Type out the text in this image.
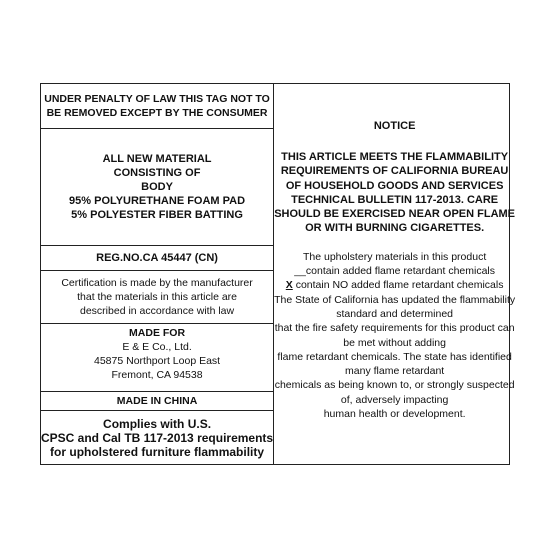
UNDER PENALTY OF LAW THIS TAG NOT TO
BE REMOVED EXCEPT BY THE CONSUMER
ALL NEW MATERIAL
CONSISTING OF
BODY
95% POLYURETHANE FOAM PAD
5% POLYESTER FIBER BATTING
REG.NO.CA 45447 (CN)
Certification is made by the manufacturer
that the materials in this article are
described in accordance with law
MADE FOR
E & E Co., Ltd.
45875 Northport Loop East
Fremont, CA 94538
MADE IN CHINA
Complies with U.S.
CPSC and Cal TB 117-2013 requirements
for upholstered furniture flammability
NOTICE
THIS ARTICLE MEETS THE FLAMMABILITY
REQUIREMENTS OF CALIFORNIA BUREAU
OF HOUSEHOLD GOODS AND SERVICES
TECHNICAL BULLETIN 117-2013. CARE
SHOULD BE EXERCISED NEAR OPEN FLAME
OR WITH BURNING CIGARETTES.
The upholstery materials in this product
__contain added flame retardant chemicals
X contain NO added flame retardant chemicals
The State of California has updated the flammability
standard and determined
that the fire safety requirements for this product can
be met without adding
flame retardant chemicals. The state has identified
many flame retardant
chemicals as being known to, or strongly suspected
of, adversely impacting
human health or development.
